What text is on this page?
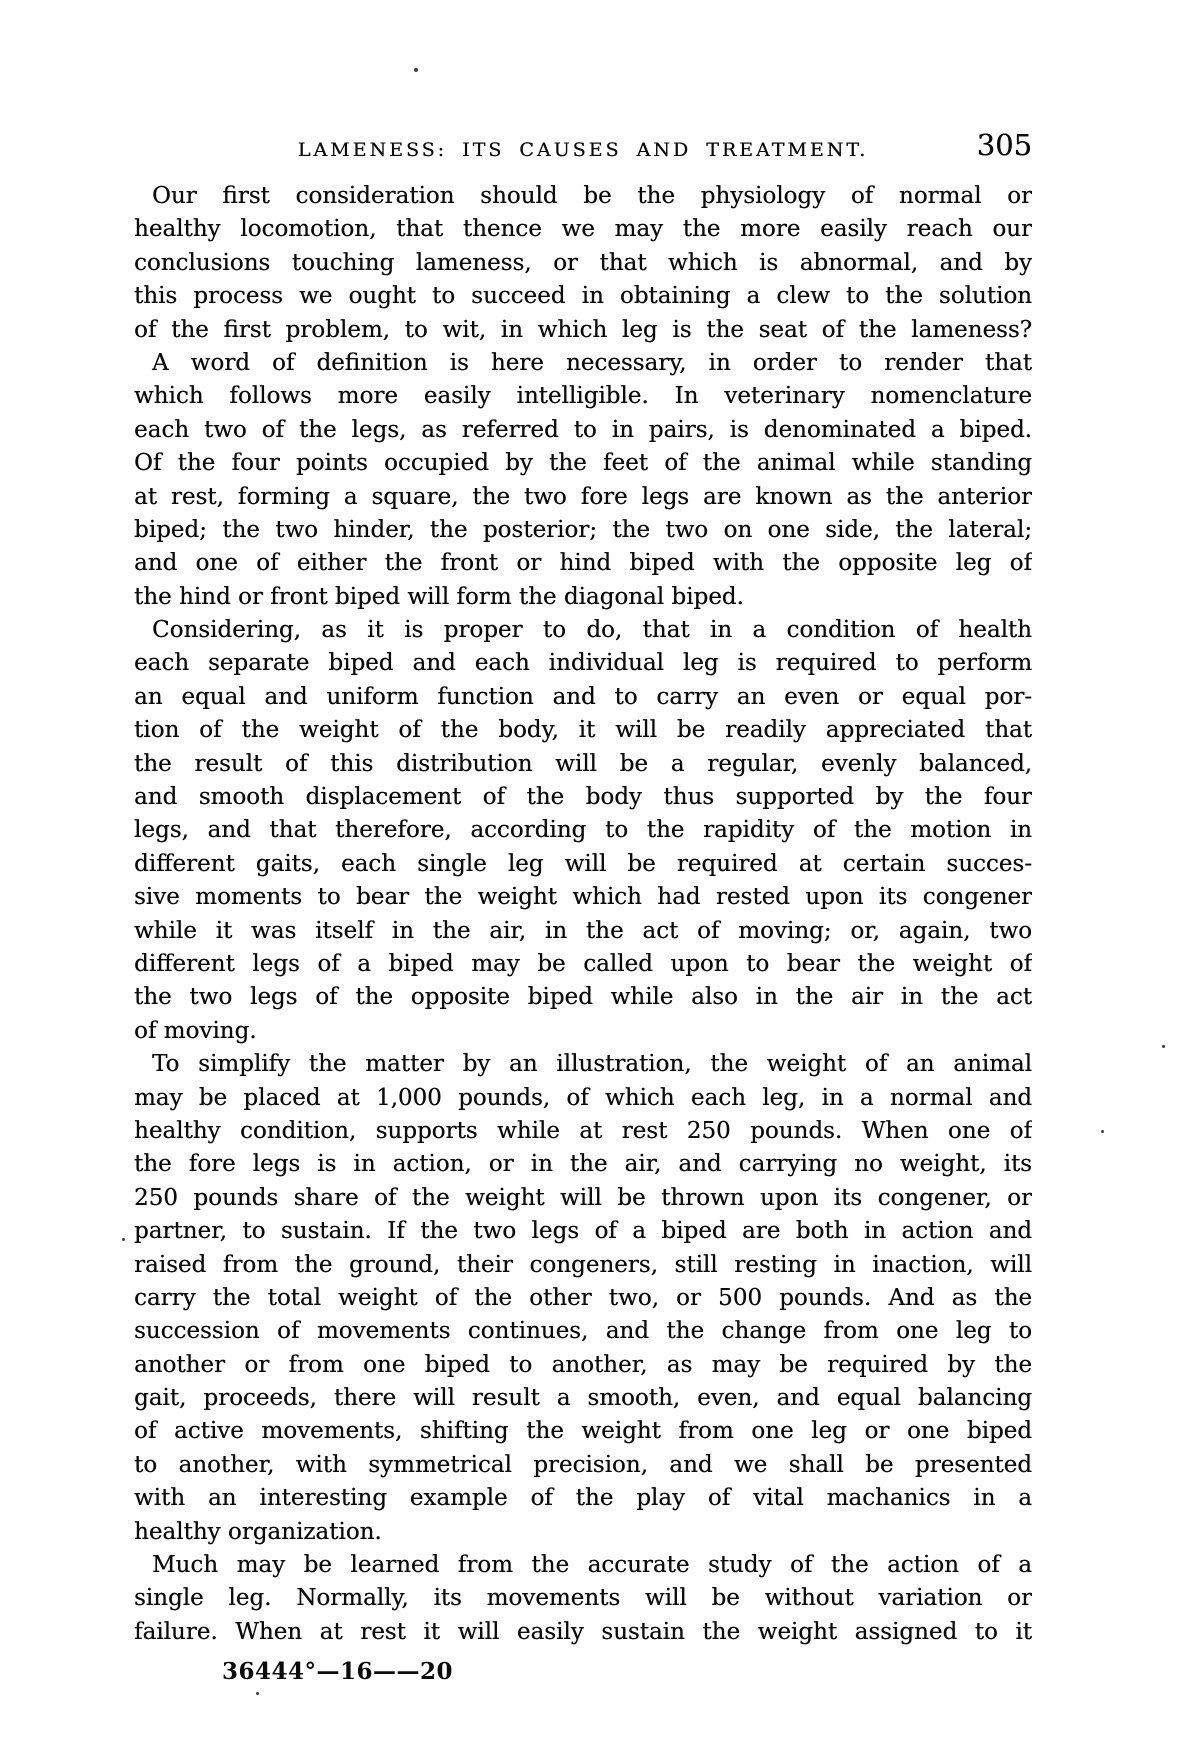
LAMENESS: ITS CAUSES AND TREATMENT.	305
Our first consideration should be the physiology of normal or
healthy locomotion, that thence we may the more easily reach our
conclusions touching lameness, or that which is abnormal, and by
this process we ought to succeed in obtaining a clew to the solution
of the first problem, to wit, in which leg is the seat of the lameness?
A word of definition is here necessary, in order to render that
which follows more easily intelligible. In veterinary nomenclature
each two of the legs, as referred to in pairs, is denominated a biped.
Of the four points occupied by the feet of the animal while standing
at rest, forming a square, the two fore legs are known as the anterior
biped; the two hinder, the posterior; the two on one side, the lateral;
and one of either the front or hind biped with the opposite leg of
the hind or front biped will form the diagonal biped.
Considering, as it is proper to do, that in a condition of health
each separate biped and each individual leg is required to perform
an equal and uniform function and to carry an even or equal por-
tion of the weight of the body, it will be readily appreciated that
the result of this distribution will be a regular, evenly balanced,
and smooth displacement of the body thus supported by the four
legs, and that therefore, according to the rapidity of the motion in
different gaits, each single leg will be required at certain succes-
sive moments to bear the weight which had rested upon its congener
while it was itself in the air, in the act of moving; or, again, two
different legs of a biped may be called upon to bear the weight of
the two legs of the opposite biped while also in the air in the act
of moving.
To simplify the matter by an illustration, the weight of an animal
may be placed at 1,000 pounds, of which each leg, in a normal and
healthy condition, supports while at rest 250 pounds. When one of
the fore legs is in action, or in the air, and carrying no weight, its
250 pounds share of the weight will be thrown upon its congener, or
partner, to sustain. If the two legs of a biped are both in action and
raised from the ground, their congeners, still resting in inaction, will
carry the total weight of the other two, or 500 pounds. And as the
succession of movements continues, and the change from one leg to
another or from one biped to another, as may be required by the
gait, proceeds, there will result a smooth, even, and equal balancing
of active movements, shifting the weight from one leg or one biped
to another, with symmetrical precision, and we shall be presented
with an interesting example of the play of vital machanics in a
healthy organization.
Much may be learned from the accurate study of the action of a
single leg. Normally, its movements will be without variation or
failure. When at rest it will easily sustain the weight assigned to it
36444°—16——20
